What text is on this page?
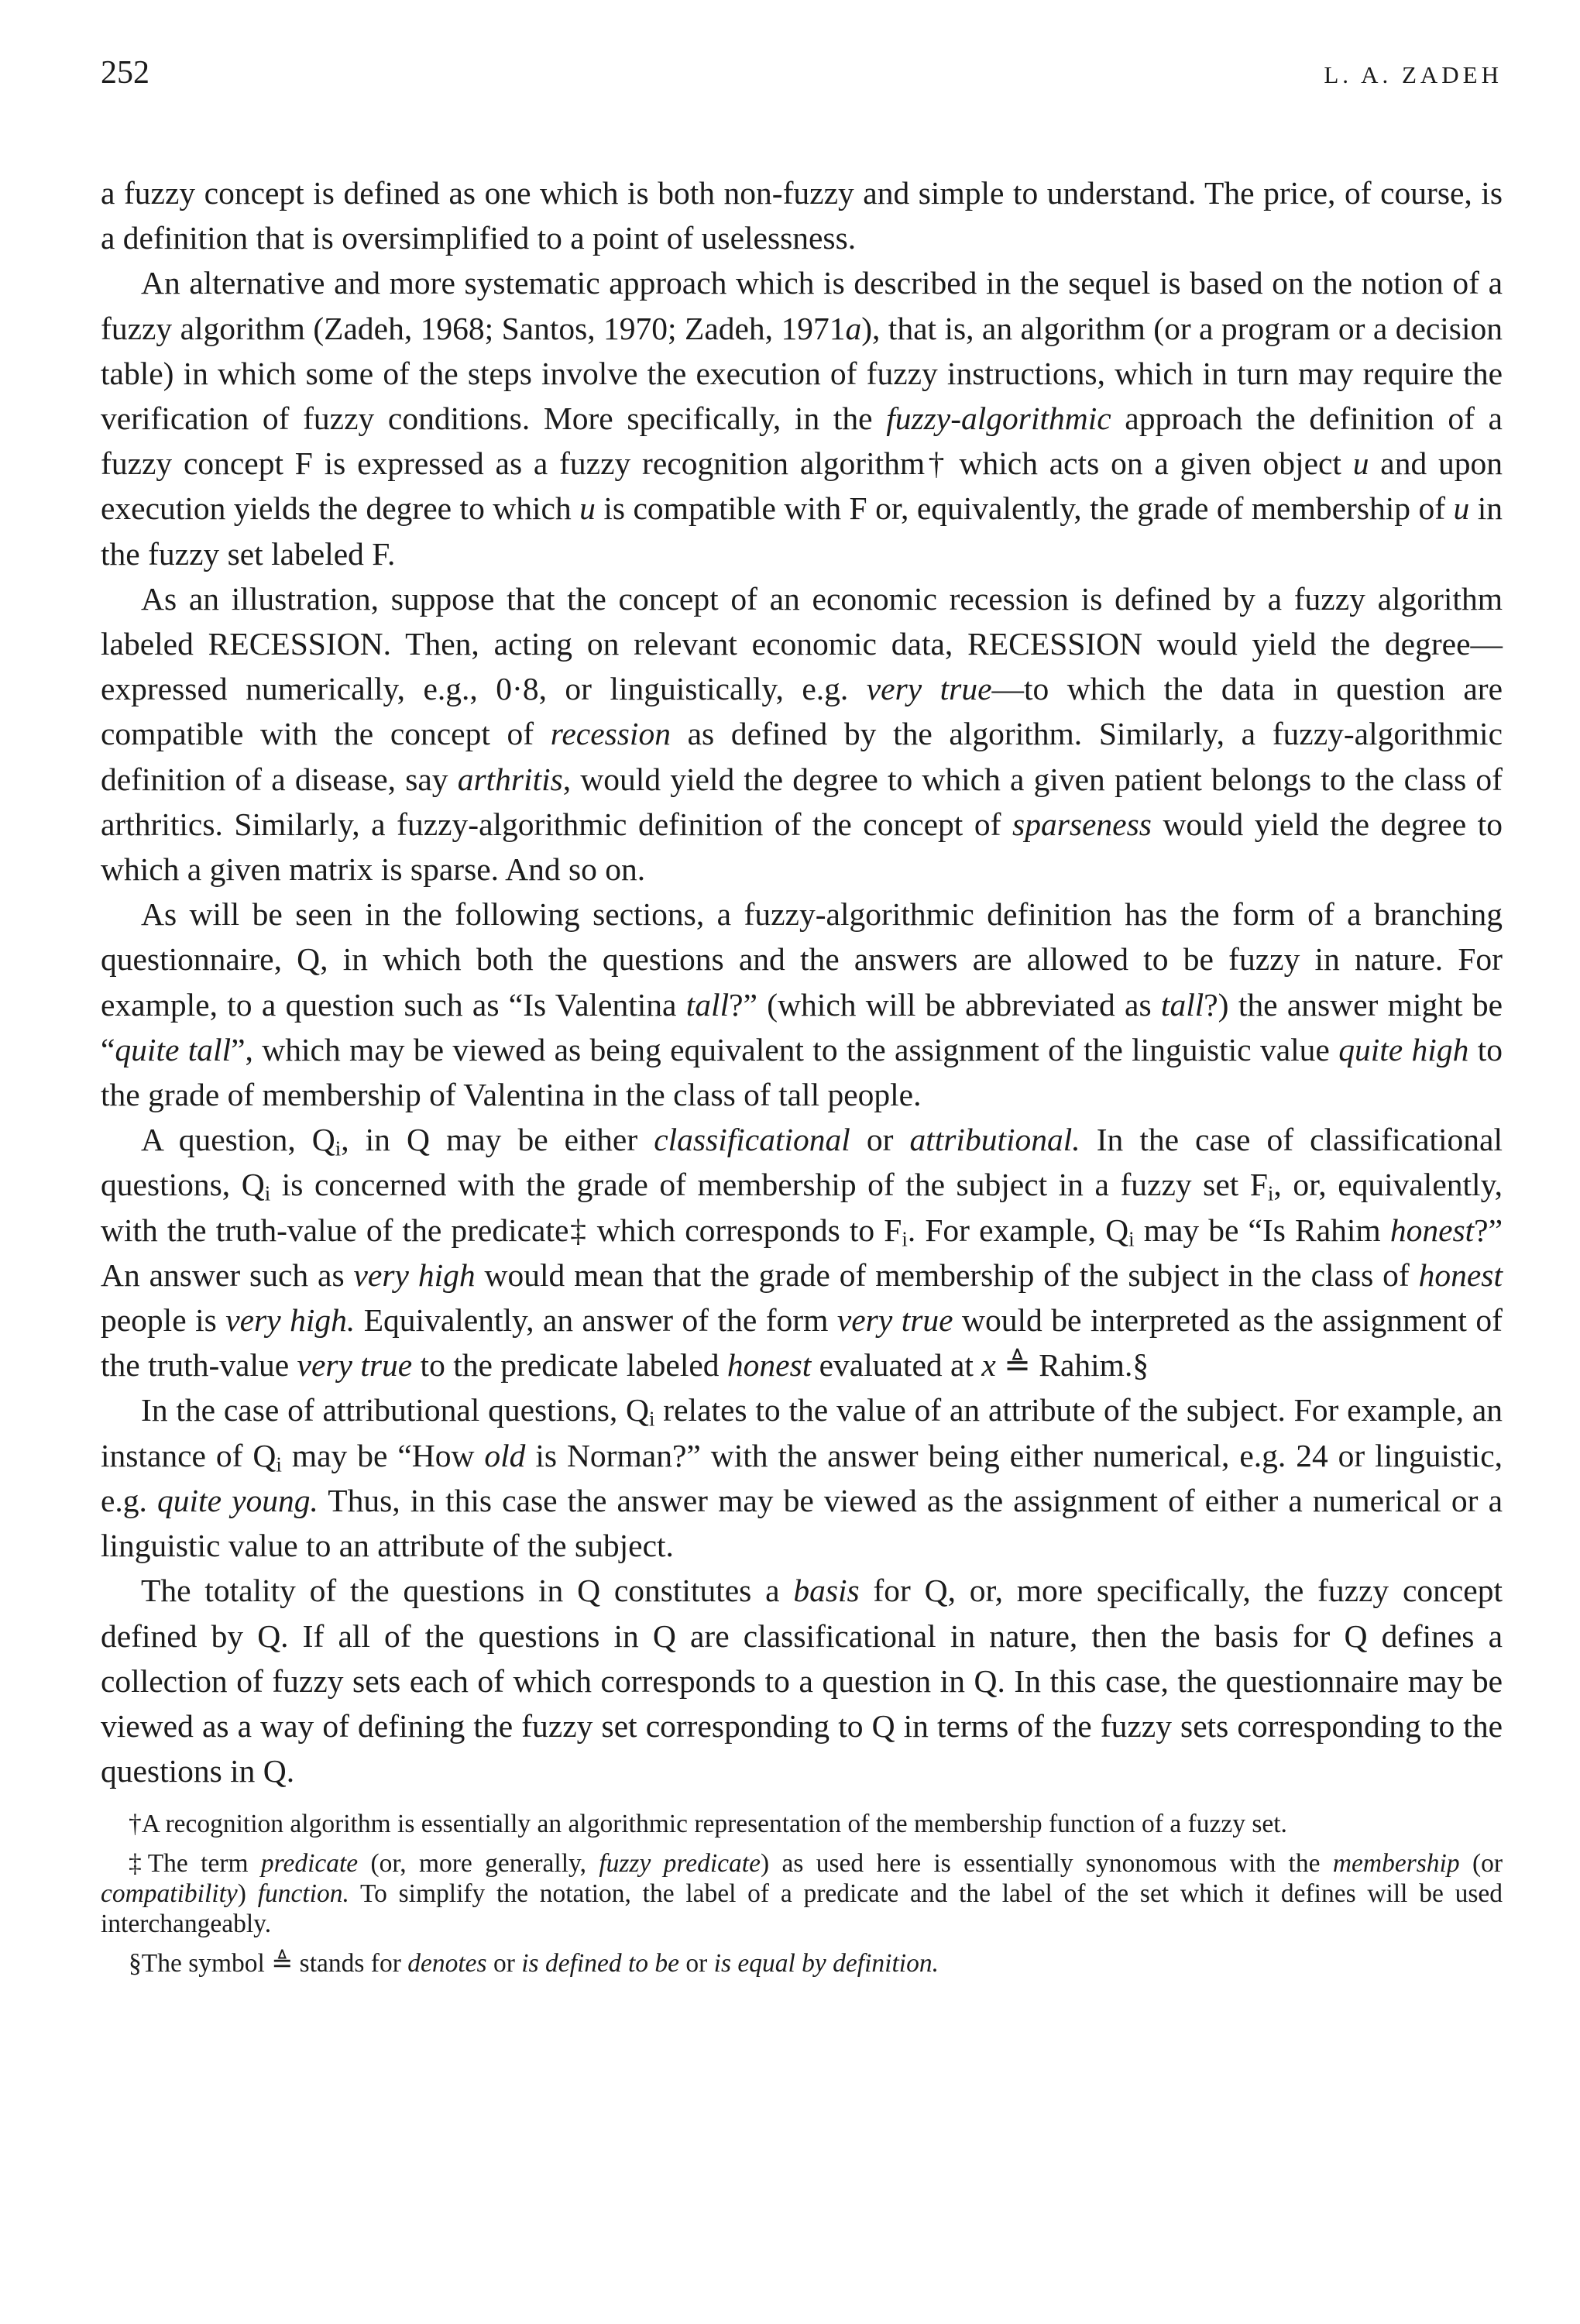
252	L. A. ZADEH

a fuzzy concept is defined as one which is both non-fuzzy and simple to understand. The price, of course, is a definition that is oversimplified to a point of uselessness.

An alternative and more systematic approach which is described in the sequel is based on the notion of a fuzzy algorithm (Zadeh, 1968; Santos, 1970; Zadeh, 1971a), that is, an algorithm (or a program or a decision table) in which some of the steps involve the execution of fuzzy instructions, which in turn may require the verification of fuzzy conditions. More specifically, in the fuzzy-algorithmic approach the definition of a fuzzy concept F is expressed as a fuzzy recognition algorithm† which acts on a given object u and upon execution yields the degree to which u is compatible with F or, equivalently, the grade of membership of u in the fuzzy set labeled F.

As an illustration, suppose that the concept of an economic recession is defined by a fuzzy algorithm labeled RECESSION. Then, acting on relevant economic data, RECESSION would yield the degree—expressed numerically, e.g., 0·8, or linguistically, e.g. very true—to which the data in question are compatible with the concept of recession as defined by the algorithm. Similarly, a fuzzy-algorithmic definition of a disease, say arthritis, would yield the degree to which a given patient belongs to the class of arthritics. Similarly, a fuzzy-algorithmic definition of the concept of sparseness would yield the degree to which a given matrix is sparse. And so on.

As will be seen in the following sections, a fuzzy-algorithmic definition has the form of a branching questionnaire, Q, in which both the questions and the answers are allowed to be fuzzy in nature. For example, to a question such as “Is Valentina tall?” (which will be abbreviated as tall?) the answer might be “quite tall”, which may be viewed as being equivalent to the assignment of the linguistic value quite high to the grade of membership of Valentina in the class of tall people.

A question, $Q_i$, in Q may be either classificational or attributional. In the case of classificational questions, $Q_i$ is concerned with the grade of membership of the subject in a fuzzy set $F_i$, or, equivalently, with the truth-value of the predicate‡ which corresponds to $F_i$. For example, $Q_i$ may be “Is Rahim honest?” An answer such as very high would mean that the grade of membership of the subject in the class of honest people is very high. Equivalently, an answer of the form very true would be interpreted as the assignment of the truth-value very true to the predicate labeled honest evaluated at x ≜ Rahim.§

In the case of attributional questions, $Q_i$ relates to the value of an attribute of the subject. For example, an instance of $Q_i$ may be “How old is Norman?” with the answer being either numerical, e.g. 24 or linguistic, e.g. quite young. Thus, in this case the answer may be viewed as the assignment of either a numerical or a linguistic value to an attribute of the subject.

The totality of the questions in Q constitutes a basis for Q, or, more specifically, the fuzzy concept defined by Q. If all of the questions in Q are classificational in nature, then the basis for Q defines a collection of fuzzy sets each of which corresponds to a question in Q. In this case, the questionnaire may be viewed as a way of defining the fuzzy set corresponding to Q in terms of the fuzzy sets corresponding to the questions in Q.

†A recognition algorithm is essentially an algorithmic representation of the membership function of a fuzzy set.

‡The term predicate (or, more generally, fuzzy predicate) as used here is essentially synonomous with the membership (or compatibility) function. To simplify the notation, the label of a predicate and the label of the set which it defines will be used interchangeably.

§The symbol ≜ stands for denotes or is defined to be or is equal by definition.
